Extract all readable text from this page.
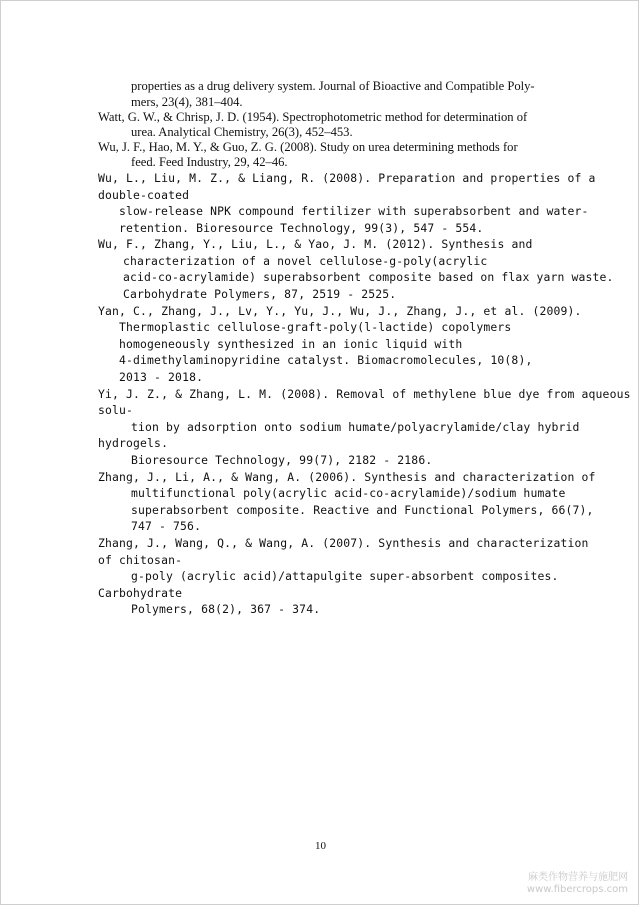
properties as a drug delivery system. Journal of Bioactive and Compatible Poly-
mers, 23(4), 381–404.
Watt, G. W., & Chrisp, J. D. (1954). Spectrophotometric method for determination of
urea. Analytical Chemistry, 26(3), 452–453.
Wu, J. F., Hao, M. Y., & Guo, Z. G. (2008). Study on urea determining methods for
feed. Feed Industry, 29, 42–46.
Wu, L., Liu, M. Z., & Liang, R. (2008). Preparation and properties of a
double-coated
slow-release NPK compound fertilizer with superabsorbent and water-
retention. Bioresource Technology, 99(3), 547 - 554.
Wu, F., Zhang, Y., Liu, L., & Yao, J. M. (2012). Synthesis and
characterization of a novel cellulose-g-poly(acrylic
acid-co-acrylamide) superabsorbent composite based on flax yarn waste.
Carbohydrate Polymers, 87, 2519 - 2525.
Yan, C., Zhang, J., Lv, Y., Yu, J., Wu, J., Zhang, J., et al. (2009).
Thermoplastic cellulose-graft-poly(l-lactide) copolymers
homogeneously synthesized in an ionic liquid with
4-dimethylaminopyridine catalyst. Biomacromolecules, 10(8),
2013 - 2018.
Yi, J. Z., & Zhang, L. M. (2008). Removal of methylene blue dye from aqueous
solu-
tion by adsorption onto sodium humate/polyacrylamide/clay hybrid
hydrogels.
Bioresource Technology, 99(7), 2182 - 2186.
Zhang, J., Li, A., & Wang, A. (2006). Synthesis and characterization of
multifunctional poly(acrylic acid-co-acrylamide)/sodium humate
superabsorbent composite. Reactive and Functional Polymers, 66(7),
747 - 756.
Zhang, J., Wang, Q., & Wang, A. (2007). Synthesis and characterization
of chitosan-
g-poly (acrylic acid)/attapulgite super-absorbent composites.
Carbohydrate
Polymers, 68(2), 367 - 374.
10
麻类作物营养与施肥网
www.fibercrops.com
